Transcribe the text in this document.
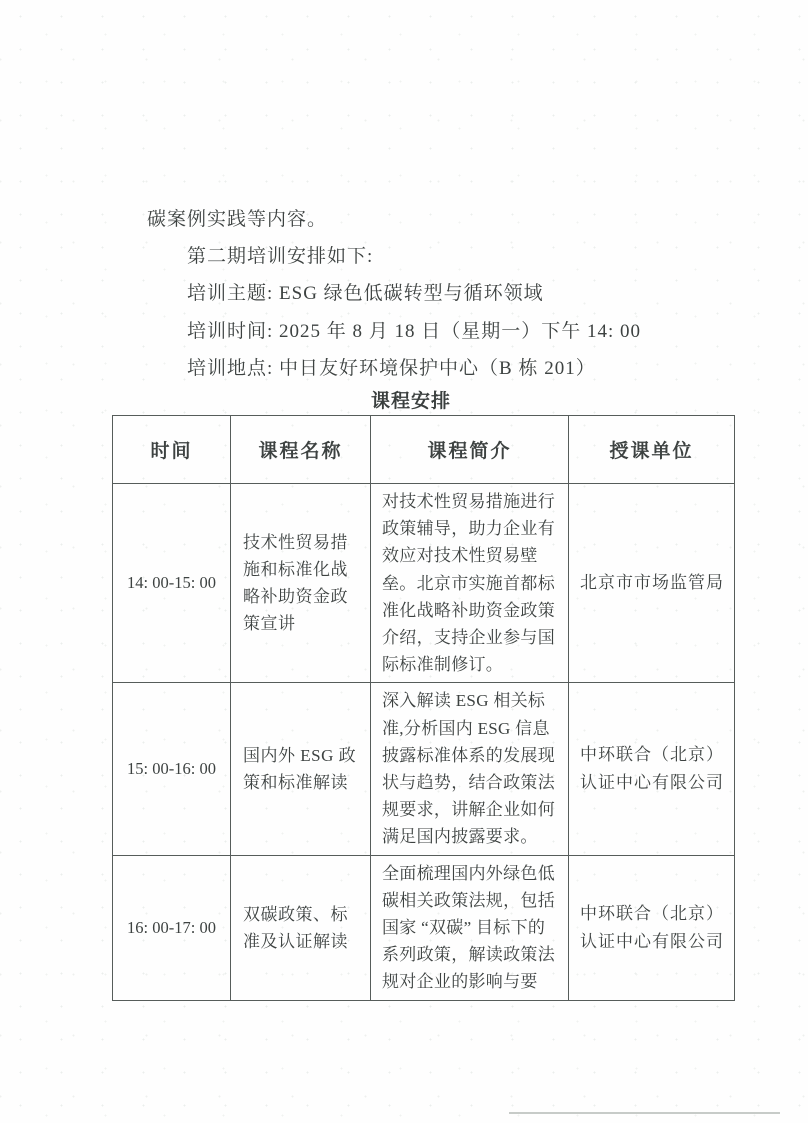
碳案例实践等内容。

第二期培训安排如下:

培训主题: ESG 绿色低碳转型与循环领域

培训时间: 2025 年 8 月 18 日（星期一）下午 14: 00

培训地点: 中日友好环境保护中心（B 栋 201）

课程安排
时间	课程名称	课程简介	授课单位
14: 00-15: 00	技术性贸易措施和标准化战略补助资金政策宣讲	对技术性贸易措施进行政策辅导，助力企业有效应对技术性贸易壁垒。北京市实施首都标准化战略补助资金政策介绍，支持企业参与国际标准制修订。	北京市市场监管局
15: 00-16: 00	国内外 ESG 政策和标准解读	深入解读 ESG 相关标准,分析国内 ESG 信息披露标准体系的发展现状与趋势，结合政策法规要求，讲解企业如何满足国内披露要求。	中环联合（北京）认证中心有限公司
16: 00-17: 00	双碳政策、标准及认证解读	全面梳理国内外绿色低碳相关政策法规，包括国家 “双碳” 目标下的系列政策，解读政策法规对企业的影响与要	中环联合（北京）认证中心有限公司
